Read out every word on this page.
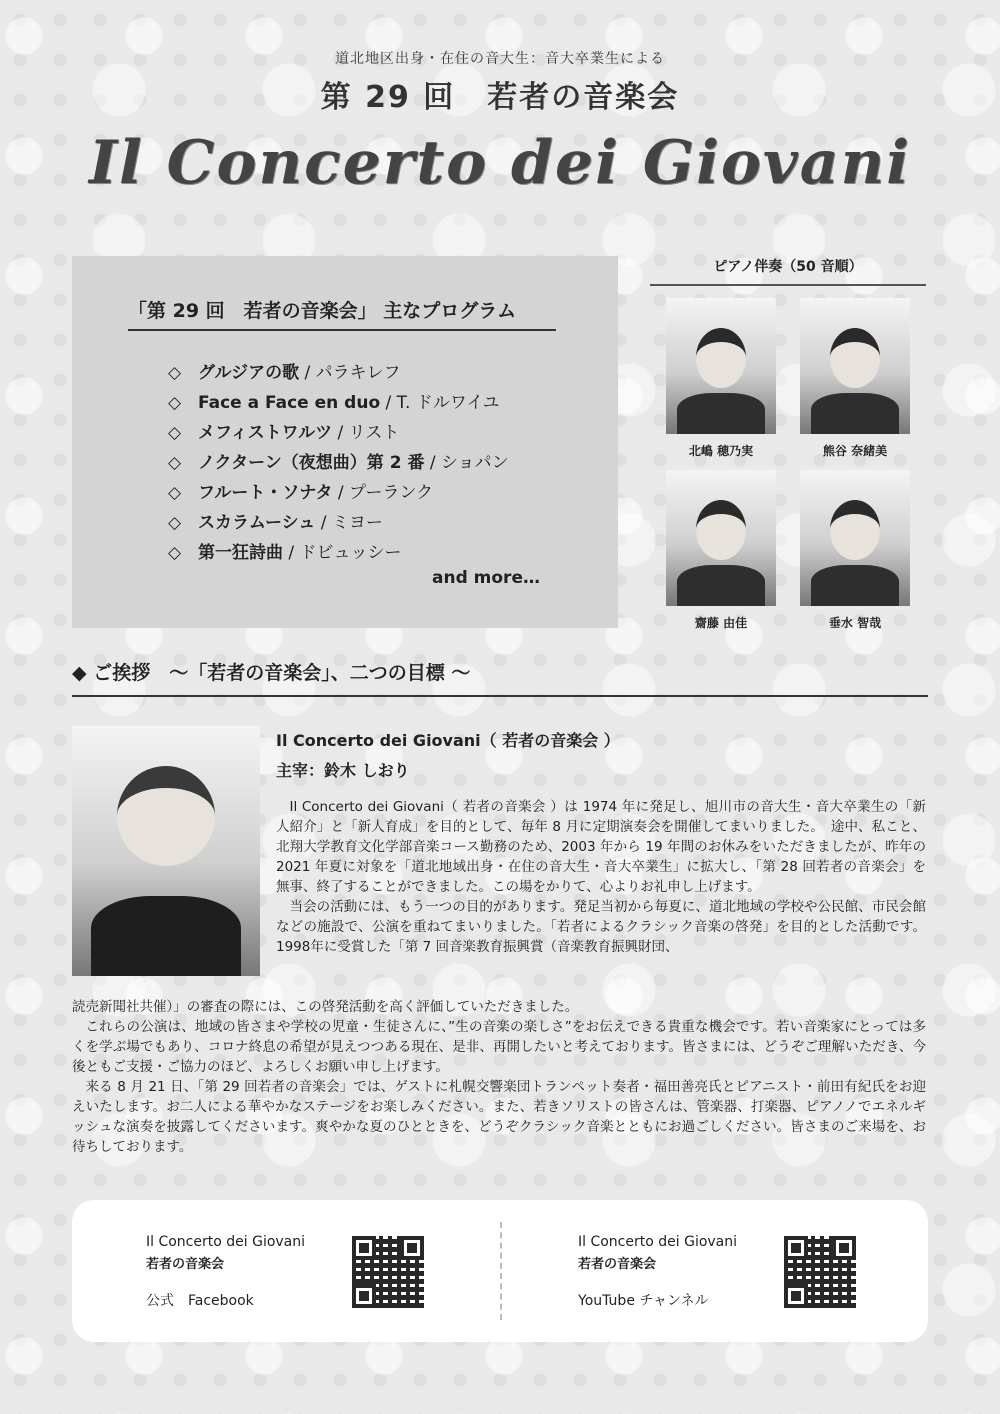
道北地区出身・在住の音大生：音大卒業生による
第 29 回　若者の音楽会
Il Concerto dei Giovani
「第 29 回　若者の音楽会」 主なプログラム
◇ グルジアの歌 / パラキレフ
◇ Face a Face en duo / T. ドルワイユ
◇ メフィストワルツ / リスト
◇ ノクターン（夜想曲）第 2 番 / ショパン
◇ フルート・ソナタ / プーランク
◇ スカラムーシュ / ミヨー
◇ 第一狂詩曲 / ドビュッシー
and more…
ピアノ伴奏（50 音順）
北嶋 穂乃実	熊谷 奈緒美
齋藤 由佳	垂水 智哉
◆ ご挨拶　～「若者の音楽会」、二つの目標 ～
Il Concerto dei Giovani（ 若者の音楽会 ）
主宰：鈴木 しおり
Il Concerto dei Giovani（ 若者の音楽会 ）は 1974 年に発足し、旭川市の音大生・音大卒業生の「新人紹介」と「新人育成」を目的として、毎年 8 月に定期演奏会を開催してまいりました。　途中、私こと、北翔大学教育文化学部音楽コース勤務のため、2003 年から 19 年間のお休みをいただきましたが、昨年の 2021 年夏に対象を「道北地域出身・在住の音大生・音大卒業生」に拡大し、「第 28 回若者の音楽会」を無事、終了することができました。この場をかりて、心よりお礼申し上げます。
当会の活動には、もう一つの目的があります。発足当初から毎夏に、道北地域の学校や公民館、市民会館などの施設で、公演を重ねてまいりました。「若者によるクラシック音楽の啓発」を目的とした活動です。1998年に受賞した「第 7 回音楽教育振興賞（音楽教育振興財団、
読売新聞社共催）」の審査の際には、この啓発活動を高く評価していただきました。
これらの公演は、地域の皆さまや学校の児童・生徒さんに、”生の音楽の楽しさ”をお伝えできる貴重な機会です。若い音楽家にとっては多くを学ぶ場でもあり、コロナ終息の希望が見えつつある現在、是非、再開したいと考えております。皆さまには、どうぞご理解いただき、今後ともご支援・ご協力のほど、よろしくお願い申し上げます。
来る 8 月 21 日、「第 29 回若者の音楽会」では、ゲストに札幌交響楽団トランペット奏者・福田善亮氏とピアニスト・前田有紀氏をお迎えいたします。お二人による華やかなステージをお楽しみください。また、若きソリストの皆さんは、管楽器、打楽器、ピアノノでエネルギッシュな演奏を披露してくださいます。爽やかな夏のひとときを、どうぞクラシック音楽とともにお過ごしください。皆さまのご来場を、お待ちしております。
Il Concerto dei Giovani
若者の音楽会
公式　Facebook
Il Concerto dei Giovani
若者の音楽会
YouTube チャンネル
